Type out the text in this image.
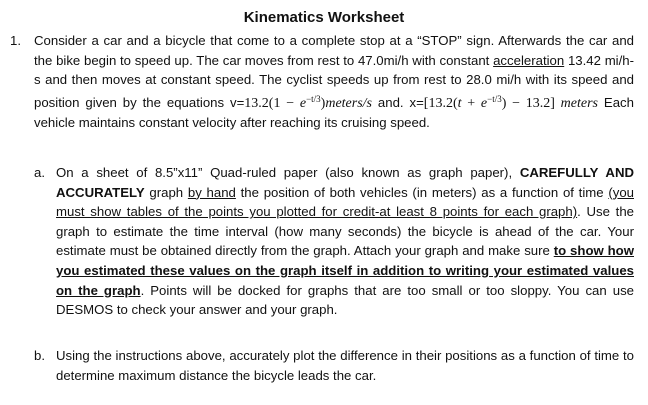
Kinematics Worksheet
1. Consider a car and a bicycle that come to a complete stop at a “STOP” sign. Afterwards the car and the bike begin to speed up. The car moves from rest to 47.0mi/h with constant acceleration 13.42 mi/h-s and then moves at constant speed. The cyclist speeds up from rest to 28.0 mi/h with its speed and position given by the equations $v=13.2(1 - e^{-t/3})meters/s$ and. $x=[13.2(t + e^{-t/3}) - 13.2]$ meters Each vehicle maintains constant velocity after reaching its cruising speed.
a. On a sheet of 8.5”x11” Quad-ruled paper (also known as graph paper), CAREFULLY AND ACCURATELY graph by hand the position of both vehicles (in meters) as a function of time (you must show tables of the points you plotted for credit-at least 8 points for each graph). Use the graph to estimate the time interval (how many seconds) the bicycle is ahead of the car. Your estimate must be obtained directly from the graph. Attach your graph and make sure to show how you estimated these values on the graph itself in addition to writing your estimated values on the graph. Points will be docked for graphs that are too small or too sloppy. You can use DESMOS to check your answer and your graph.
b. Using the instructions above, accurately plot the difference in their positions as a function of time to determine maximum distance the bicycle leads the car.
